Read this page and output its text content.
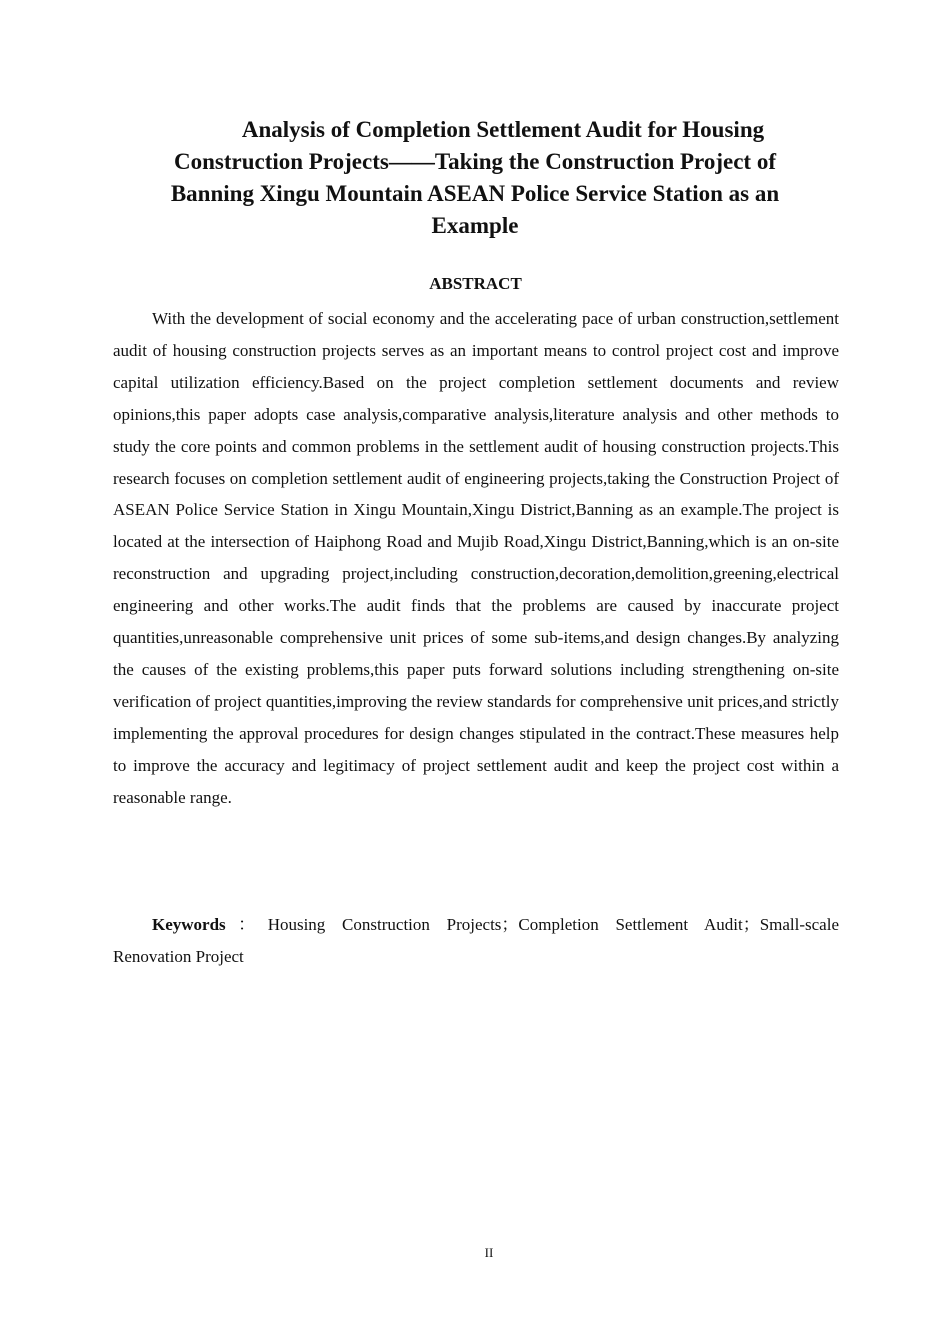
Analysis of Completion Settlement Audit for Housing Construction Projects——Taking the Construction Project of Banning Xingu Mountain ASEAN Police Service Station as an Example
ABSTRACT

With the development of social economy and the accelerating pace of urban construction,settlement audit of housing construction projects serves as an important means to control project cost and improve capital utilization efficiency.Based on the project completion settlement documents and review opinions,this paper adopts case analysis,comparative analysis,literature analysis and other methods to study the core points and common problems in the settlement audit of housing construction projects.This research focuses on completion settlement audit of engineering projects,taking the Construction Project of ASEAN Police Service Station in Xingu Mountain,Xingu District,Banning as an example.The project is located at the intersection of Haiphong Road and Mujib Road,Xingu District,Banning,which is an on-site reconstruction and upgrading project,including construction,decoration,demolition,greening,electrical engineering and other works.The audit finds that the problems are caused by inaccurate project quantities,unreasonable comprehensive unit prices of some sub-items,and design changes.By analyzing the causes of the existing problems,this paper puts forward solutions including strengthening on-site verification of project quantities,improving the review standards for comprehensive unit prices,and strictly implementing the approval procedures for design changes stipulated in the contract.These measures help to improve the accuracy and legitimacy of project settlement audit and keep the project cost within a reasonable range.

Keywords：Housing Construction Projects；Completion Settlement Audit；Small-scale Renovation Project

II
